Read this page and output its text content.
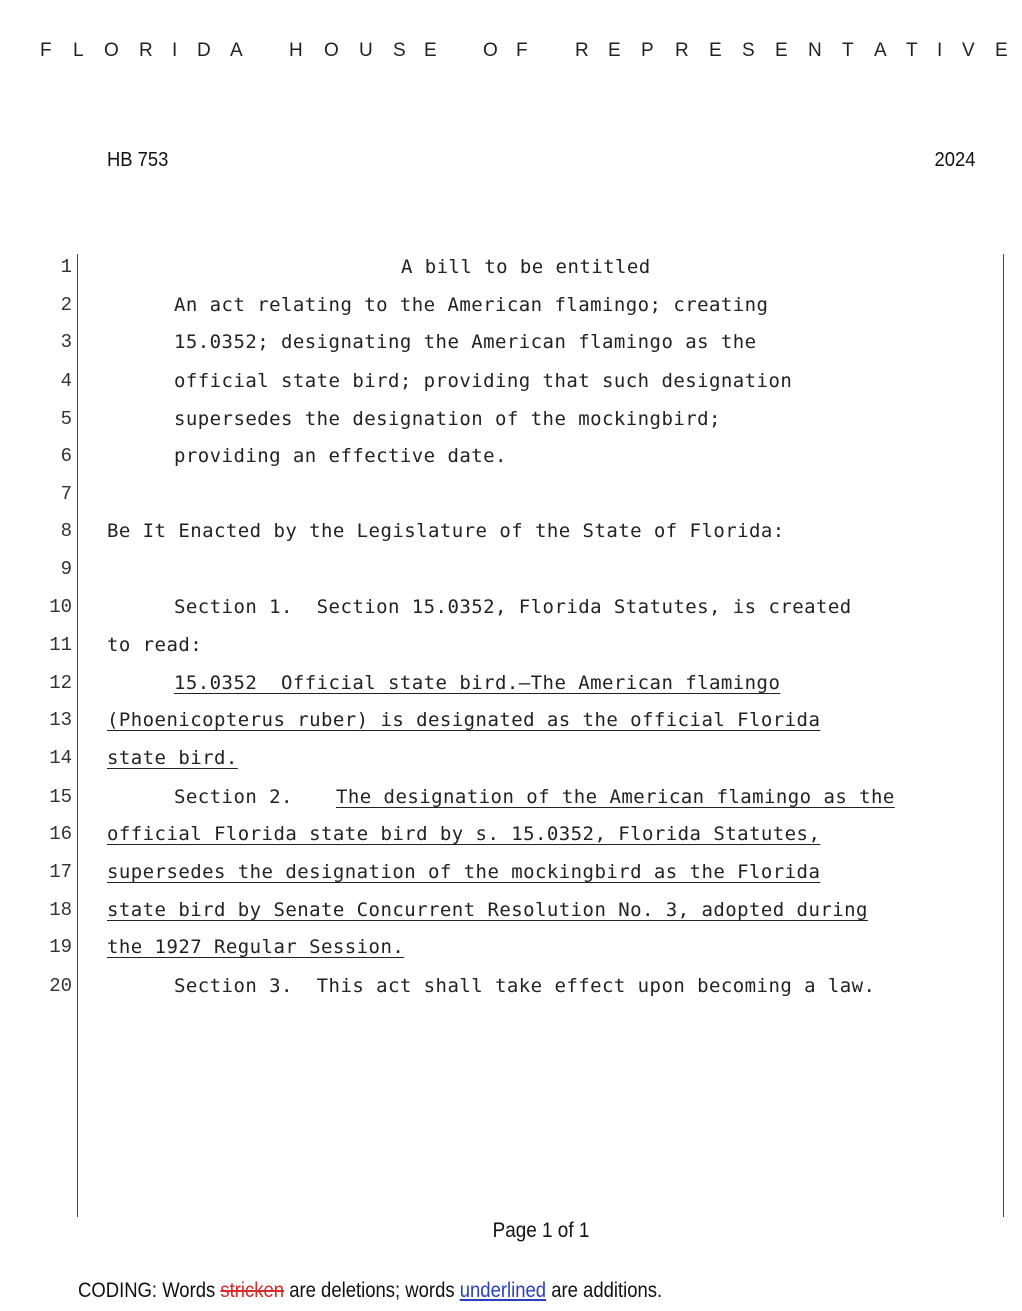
F L O R I D A H O U S E O F R E P R E S E N T A T I V E
HB 753	2024
1
2
3
4
5
6
7
8
9
10
11
12
13
14
15
16
17
18
19
20
A bill to be entitled
An act relating to the American flamingo; creating
15.0352; designating the American flamingo as the
official state bird; providing that such designation
supersedes the designation of the mockingbird;
providing an effective date.
Be It Enacted by the Legislature of the State of Florida:
Section 1.  Section 15.0352, Florida Statutes, is created
to read:
15.0352  Official state bird.—The American flamingo
(Phoenicopterus ruber) is designated as the official Florida
state bird.
Section 2. The designation of the American flamingo as the
official Florida state bird by s. 15.0352, Florida Statutes,
supersedes the designation of the mockingbird as the Florida
state bird by Senate Concurrent Resolution No. 3, adopted during
the 1927 Regular Session.
Section 3.  This act shall take effect upon becoming a law.
Page 1 of 1
CODING: Words stricken are deletions; words underlined are additions.
